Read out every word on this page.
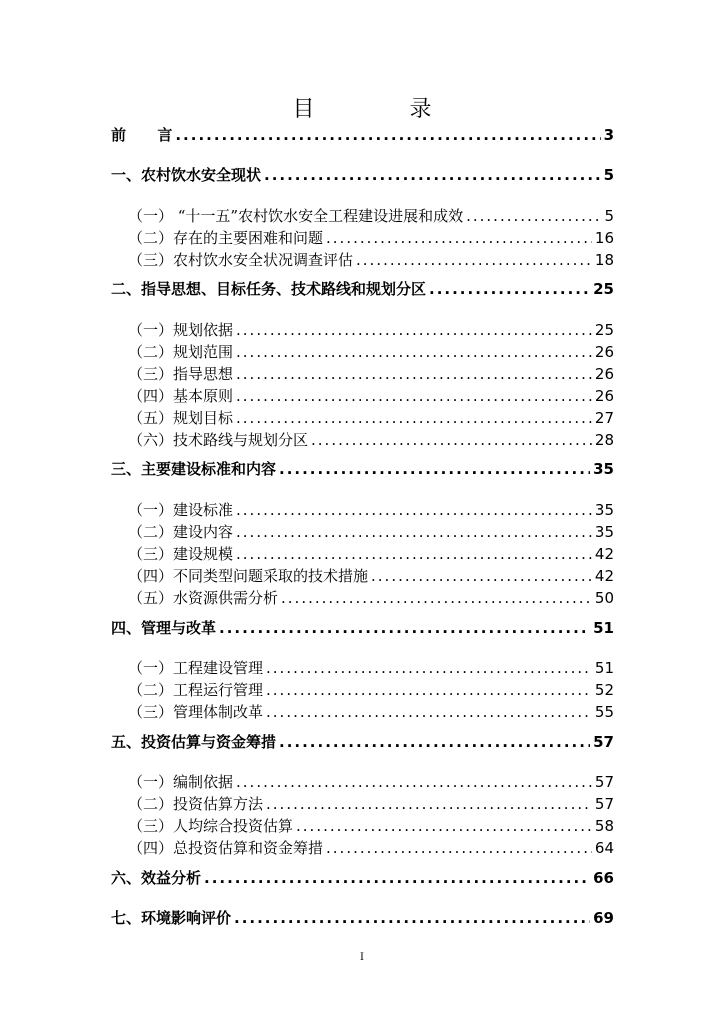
目 录
前      言 .....	3
一、农村饮水安全现状 .....	5
（一） “十一五”农村饮水安全工程建设进展和成效 .....	5
（二）存在的主要困难和问题 .....	16
（三）农村饮水安全状况调查评估 .....	18
二、指导思想、目标任务、技术路线和规划分区 .....	25
（一）规划依据 .....	25
（二）规划范围 .....	26
（三）指导思想 .....	26
（四）基本原则 .....	26
（五）规划目标 .....	27
（六）技术路线与规划分区 .....	28
三、主要建设标准和内容 .....	35
（一）建设标准 .....	35
（二）建设内容 .....	35
（三）建设规模 .....	42
（四）不同类型问题采取的技术措施 .....	42
（五）水资源供需分析 .....	50
四、管理与改革 .....	51
（一）工程建设管理 .....	51
（二）工程运行管理 .....	52
（三）管理体制改革 .....	55
五、投资估算与资金筹措 .....	57
（一）编制依据 .....	57
（二）投资估算方法 .....	57
（三）人均综合投资估算 .....	58
（四）总投资估算和资金筹措 .....	64
六、效益分析 .....	66
七、环境影响评价 .....	69
I
